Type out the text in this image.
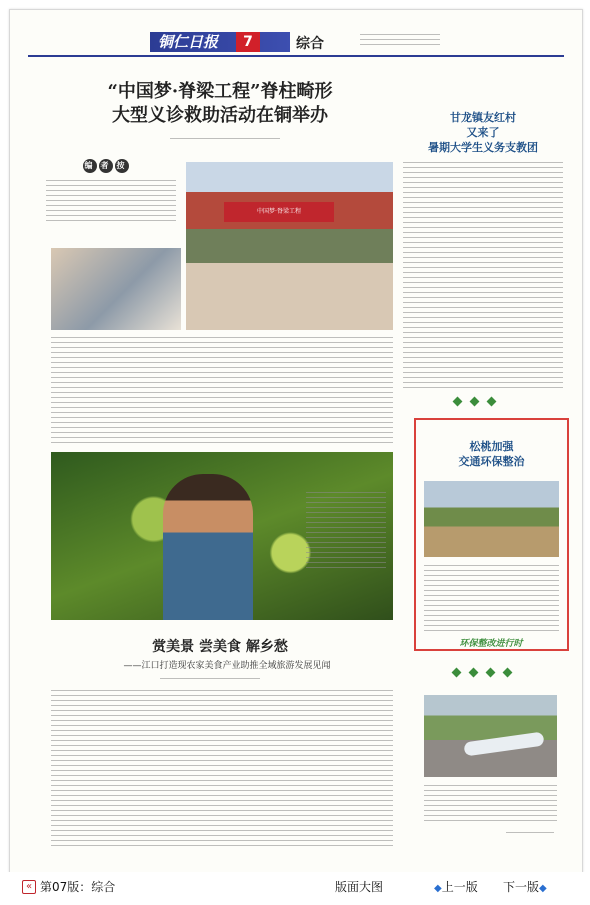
铜仁日报	7	综合
“中国梦·脊梁工程”脊柱畸形
大型义诊救助活动在铜举办
编 者 按
中国梦·脊梁工程
赏美景 尝美食 解乡愁
——江口打造现农家美食产业助推全域旅游发展见闻
甘龙镇友红村
又来了
暑期大学生义务支教团
松桃加强
交通环保整治
环保整改进行时
« 第07版：综合	版面大图	◆上一版 下一版◆
